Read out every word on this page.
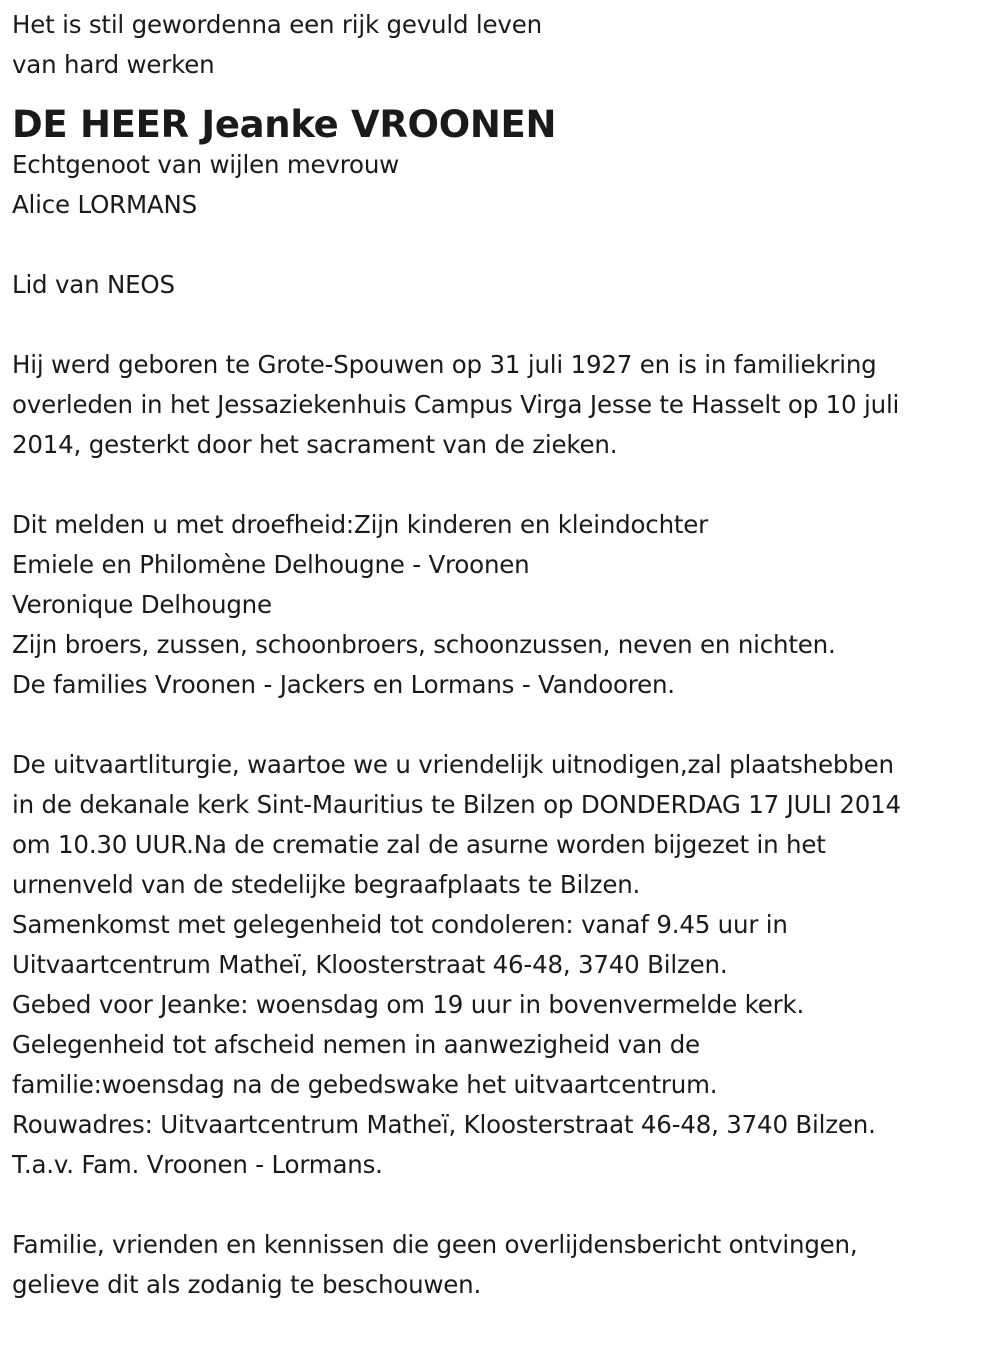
Het is stil gewordenna een rijk gevuld leven
van hard werken
DE HEER Jeanke VROONEN
Echtgenoot van wijlen mevrouw
Alice LORMANS
Lid van NEOS
Hij werd geboren te Grote-Spouwen op 31 juli 1927 en is in familiekring
overleden in het Jessaziekenhuis Campus Virga Jesse te Hasselt op 10 juli
2014, gesterkt door het sacrament van de zieken.
Dit melden u met droefheid:Zijn kinderen en kleindochter
Emiele en Philomène Delhougne - Vroonen
Veronique Delhougne
Zijn broers, zussen, schoonbroers, schoonzussen, neven en nichten.
De families Vroonen - Jackers en Lormans - Vandooren.
De uitvaartliturgie, waartoe we u vriendelijk uitnodigen,zal plaatshebben
in de dekanale kerk Sint-Mauritius te Bilzen op DONDERDAG 17 JULI 2014
om 10.30 UUR.Na de crematie zal de asurne worden bijgezet in het
urnenveld van de stedelijke begraafplaats te Bilzen.
Samenkomst met gelegenheid tot condoleren: vanaf 9.45 uur in
Uitvaartcentrum Matheï, Kloosterstraat 46-48, 3740 Bilzen.
Gebed voor Jeanke: woensdag om 19 uur in bovenvermelde kerk.
Gelegenheid tot afscheid nemen in aanwezigheid van de
familie:woensdag na de gebedswake het uitvaartcentrum.
Rouwadres: Uitvaartcentrum Matheï, Kloosterstraat 46-48, 3740 Bilzen.
T.a.v. Fam. Vroonen - Lormans.
Familie, vrienden en kennissen die geen overlijdensbericht ontvingen,
gelieve dit als zodanig te beschouwen.
